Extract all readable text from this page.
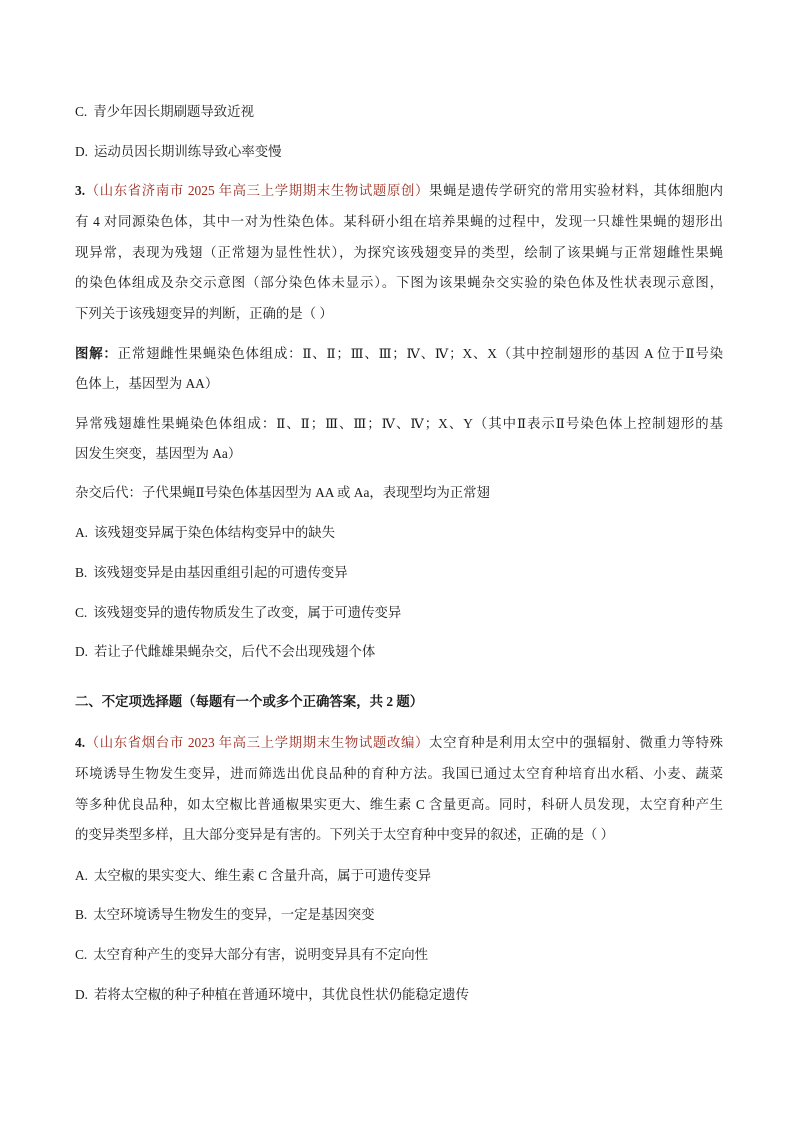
C. 青少年因长期刷题导致近视
D. 运动员因长期训练导致心率变慢
3.（山东省济南市 2025 年高三上学期期末生物试题原创）果蝇是遗传学研究的常用实验材料，其体细胞内
有 4 对同源染色体，其中一对为性染色体。某科研小组在培养果蝇的过程中，发现一只雄性果蝇的翅形出
现异常，表现为残翅（正常翅为显性性状），为探究该残翅变异的类型，绘制了该果蝇与正常翅雌性果蝇
的染色体组成及杂交示意图（部分染色体未显示）。下图为该果蝇杂交实验的染色体及性状表现示意图，
下列关于该残翅变异的判断，正确的是（ ）
图解：正常翅雌性果蝇染色体组成：Ⅱ、Ⅱ；Ⅲ、Ⅲ；Ⅳ、Ⅳ；X、X（其中控制翅形的基因 A 位于Ⅱ号染
色体上，基因型为 AA）
异常残翅雄性果蝇染色体组成：Ⅱ、Ⅱ；Ⅲ、Ⅲ；Ⅳ、Ⅳ；X、Y（其中Ⅱ表示Ⅱ号染色体上控制翅形的基
因发生突变，基因型为 Aa）
杂交后代：子代果蝇Ⅱ号染色体基因型为 AA 或 Aa，表现型均为正常翅
A. 该残翅变异属于染色体结构变异中的缺失
B. 该残翅变异是由基因重组引起的可遗传变异
C. 该残翅变异的遗传物质发生了改变，属于可遗传变异
D. 若让子代雌雄果蝇杂交，后代不会出现残翅个体
二、不定项选择题（每题有一个或多个正确答案，共 2 题）
4.（山东省烟台市 2023 年高三上学期期末生物试题改编）太空育种是利用太空中的强辐射、微重力等特殊
环境诱导生物发生变异，进而筛选出优良品种的育种方法。我国已通过太空育种培育出水稻、小麦、蔬菜
等多种优良品种，如太空椒比普通椒果实更大、维生素 C 含量更高。同时，科研人员发现，太空育种产生
的变异类型多样，且大部分变异是有害的。下列关于太空育种中变异的叙述，正确的是（ ）
A. 太空椒的果实变大、维生素 C 含量升高，属于可遗传变异
B. 太空环境诱导生物发生的变异，一定是基因突变
C. 太空育种产生的变异大部分有害，说明变异具有不定向性
D. 若将太空椒的种子种植在普通环境中，其优良性状仍能稳定遗传
